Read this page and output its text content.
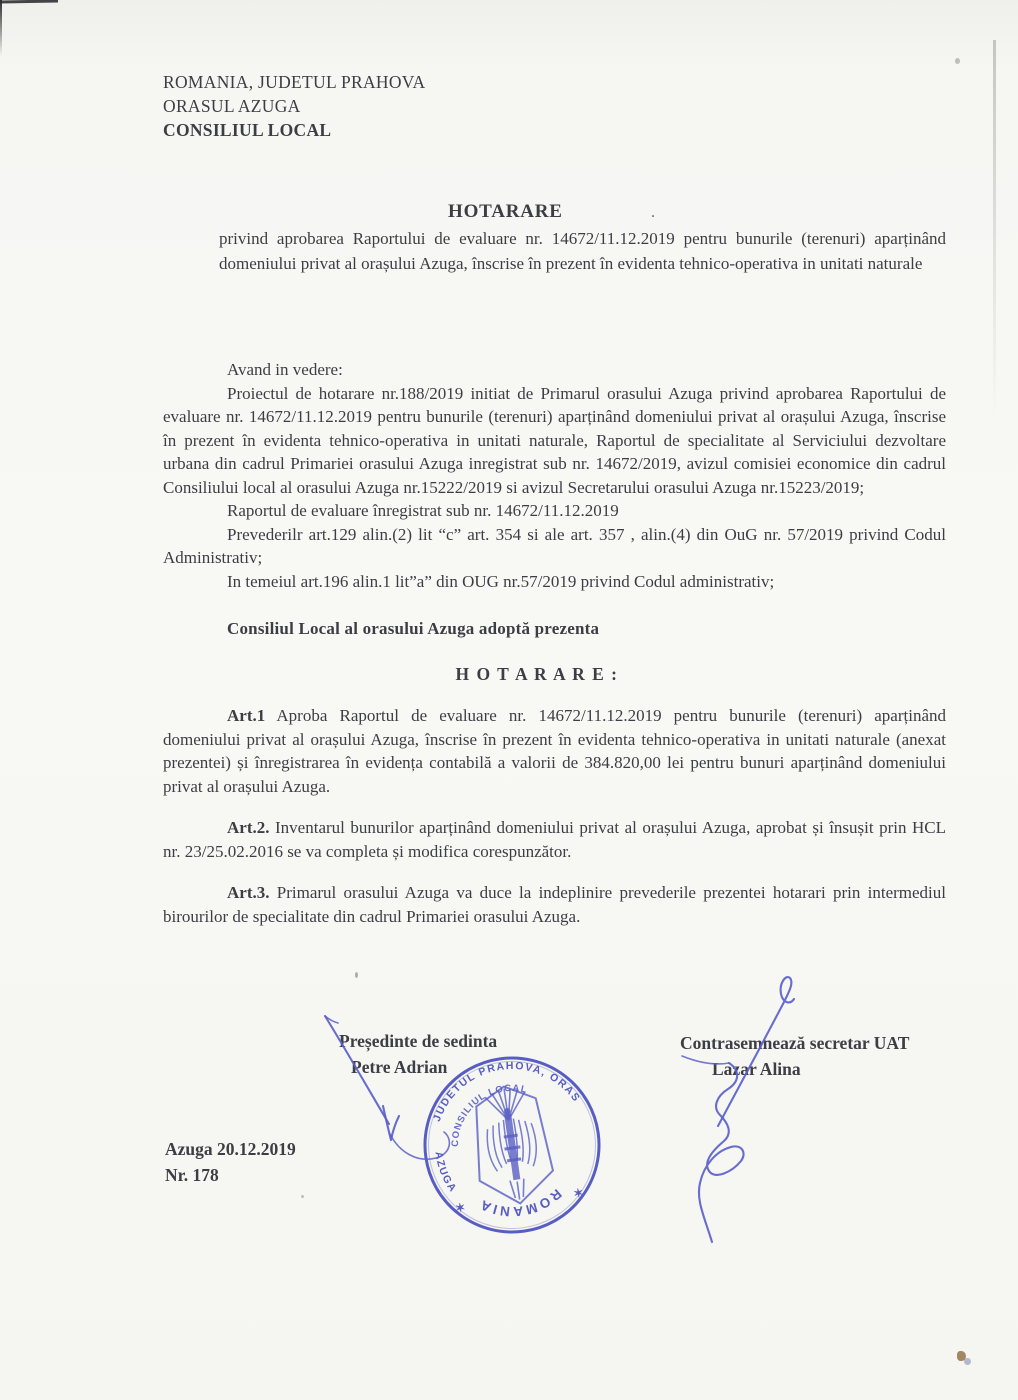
ROMANIA, JUDETUL PRAHOVA
ORASUL AZUGA
CONSILIUL LOCAL
HOTARARE	.

privind aprobarea Raportului de evaluare nr. 14672/11.12.2019 pentru bunurile (terenuri) aparținând domeniului privat al orașului Azuga, înscrise în prezent în evidenta tehnico-operativa in unitati naturale

Avand in vedere:

Proiectul de hotarare nr.188/2019 initiat de Primarul orasului Azuga privind aprobarea Raportului de evaluare nr. 14672/11.12.2019 pentru bunurile (terenuri) aparținând domeniului privat al orașului Azuga, înscrise în prezent în evidenta tehnico-operativa in unitati naturale, Raportul de specialitate al Serviciului dezvoltare urbana din cadrul Primariei orasului Azuga inregistrat sub nr. 14672/2019, avizul comisiei economice din cadrul Consiliului local al orasului Azuga nr.15222/2019 si avizul Secretarului orasului Azuga nr.15223/2019;

Raportul de evaluare înregistrat sub nr. 14672/11.12.2019

Prevederilr art.129 alin.(2) lit “c” art. 354 si ale art. 357 , alin.(4) din OuG nr. 57/2019 privind Codul Administrativ;

In temeiul art.196 alin.1 lit”a” din OUG nr.57/2019 privind Codul administrativ;

Consiliul Local al orasului Azuga adoptă prezenta

H O T A R A R E :

Art.1 Aproba Raportul de evaluare nr. 14672/11.12.2019 pentru bunurile (terenuri) aparținând domeniului privat al orașului Azuga, înscrise în prezent în evidenta tehnico-operativa in unitati naturale (anexat prezentei) și înregistrarea în evidența contabilă a valorii de 384.820,00 lei pentru bunuri aparținând domeniului privat al orașului Azuga.

Art.2. Inventarul bunurilor aparținând domeniului privat al orașului Azuga, aprobat și însușit prin HCL nr. 23/25.02.2016 se va completa și modifica corespunzător.

Art.3. Primarul orasului Azuga va duce la indeplinire prevederile prezentei hotarari prin intermediul birourilor de specialitate din cadrul Primariei orasului Azuga.

Președinte de sedinta
Petre Adrian
Contrasemnează secretar UAT
Lazar Alina
Azuga 20.12.2019
Nr. 178
JUDETUL PRAHOVA, ORAS
AZUGA
CONSILIUL LOCAL
ROMANIA
✶
✶
